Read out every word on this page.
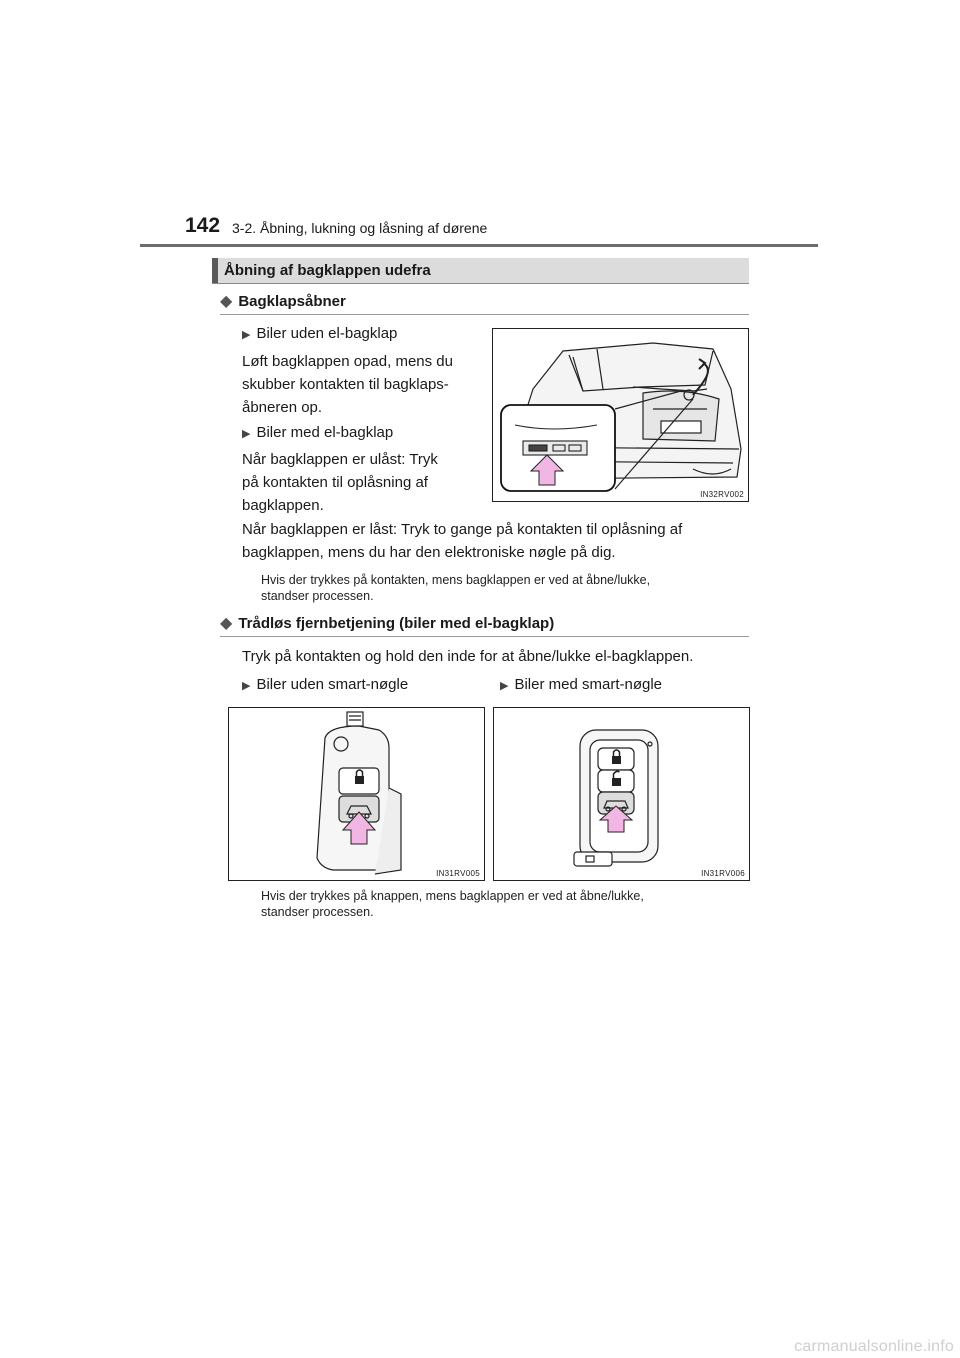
142 3-2. Åbning, lukning og låsning af dørene
Åbning af bagklappen udefra
◆ Bagklapsåbner
▶ Biler uden el-bagklap
Løft bagklappen opad, mens du
skubber kontakten til bagklaps-
åbneren op.
▶ Biler med el-bagklap
Når bagklappen er ulåst: Tryk
på kontakten til oplåsning af
bagklappen.
IN32RV002
Når bagklappen er låst: Tryk to gange på kontakten til oplåsning af
bagklappen, mens du har den elektroniske nøgle på dig.
Hvis der trykkes på kontakten, mens bagklappen er ved at åbne/lukke,
standser processen.
◆ Trådløs fjernbetjening (biler med el-bagklap)
Tryk på kontakten og hold den inde for at åbne/lukke el-bagklappen.
▶ Biler uden smart-nøgle	▶ Biler med smart-nøgle
IN31RV005	IN31RV006
Hvis der trykkes på knappen, mens bagklappen er ved at åbne/lukke,
standser processen.
carmanualsonline.info
